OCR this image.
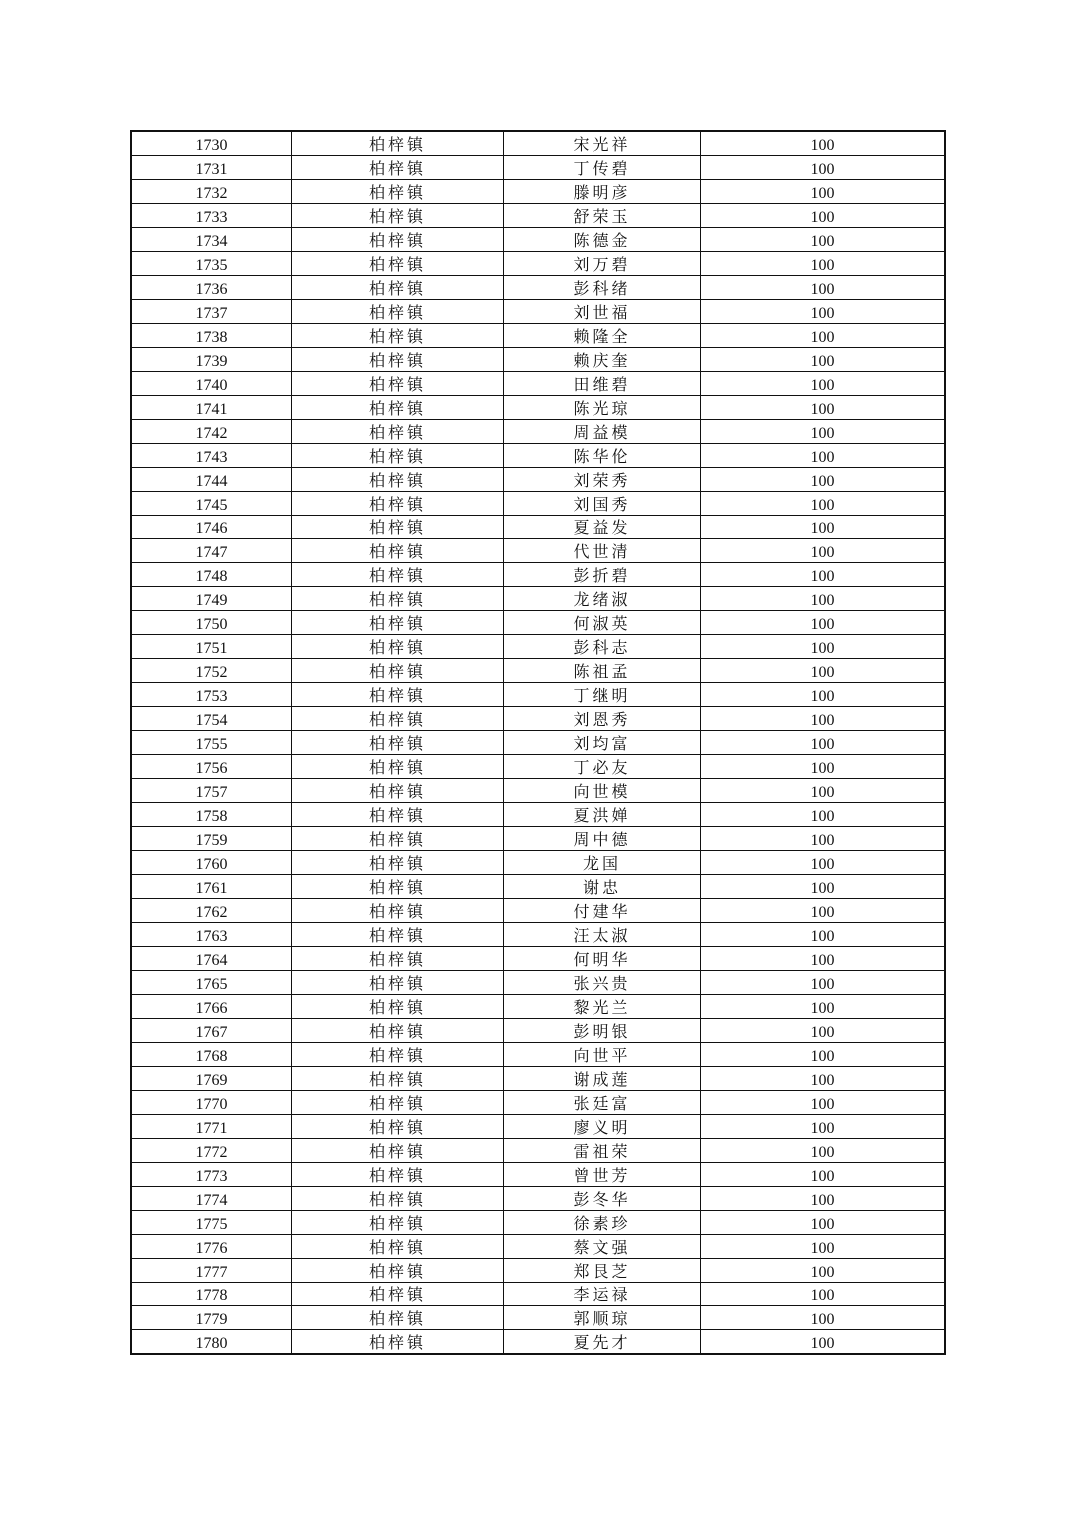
1730	柏梓镇	宋光祥	100
1731	柏梓镇	丁传碧	100
1732	柏梓镇	滕明彦	100
1733	柏梓镇	舒荣玉	100
1734	柏梓镇	陈德金	100
1735	柏梓镇	刘万碧	100
1736	柏梓镇	彭科绪	100
1737	柏梓镇	刘世福	100
1738	柏梓镇	赖隆全	100
1739	柏梓镇	赖庆奎	100
1740	柏梓镇	田维碧	100
1741	柏梓镇	陈光琼	100
1742	柏梓镇	周益模	100
1743	柏梓镇	陈华伦	100
1744	柏梓镇	刘荣秀	100
1745	柏梓镇	刘国秀	100
1746	柏梓镇	夏益发	100
1747	柏梓镇	代世清	100
1748	柏梓镇	彭折碧	100
1749	柏梓镇	龙绪淑	100
1750	柏梓镇	何淑英	100
1751	柏梓镇	彭科志	100
1752	柏梓镇	陈祖孟	100
1753	柏梓镇	丁继明	100
1754	柏梓镇	刘恩秀	100
1755	柏梓镇	刘均富	100
1756	柏梓镇	丁必友	100
1757	柏梓镇	向世模	100
1758	柏梓镇	夏洪婵	100
1759	柏梓镇	周中德	100
1760	柏梓镇	龙国	100
1761	柏梓镇	谢忠	100
1762	柏梓镇	付建华	100
1763	柏梓镇	汪太淑	100
1764	柏梓镇	何明华	100
1765	柏梓镇	张兴贵	100
1766	柏梓镇	黎光兰	100
1767	柏梓镇	彭明银	100
1768	柏梓镇	向世平	100
1769	柏梓镇	谢成莲	100
1770	柏梓镇	张廷富	100
1771	柏梓镇	廖义明	100
1772	柏梓镇	雷祖荣	100
1773	柏梓镇	曾世芳	100
1774	柏梓镇	彭冬华	100
1775	柏梓镇	徐素珍	100
1776	柏梓镇	蔡文强	100
1777	柏梓镇	郑艮芝	100
1778	柏梓镇	李运禄	100
1779	柏梓镇	郭顺琼	100
1780	柏梓镇	夏先才	100
